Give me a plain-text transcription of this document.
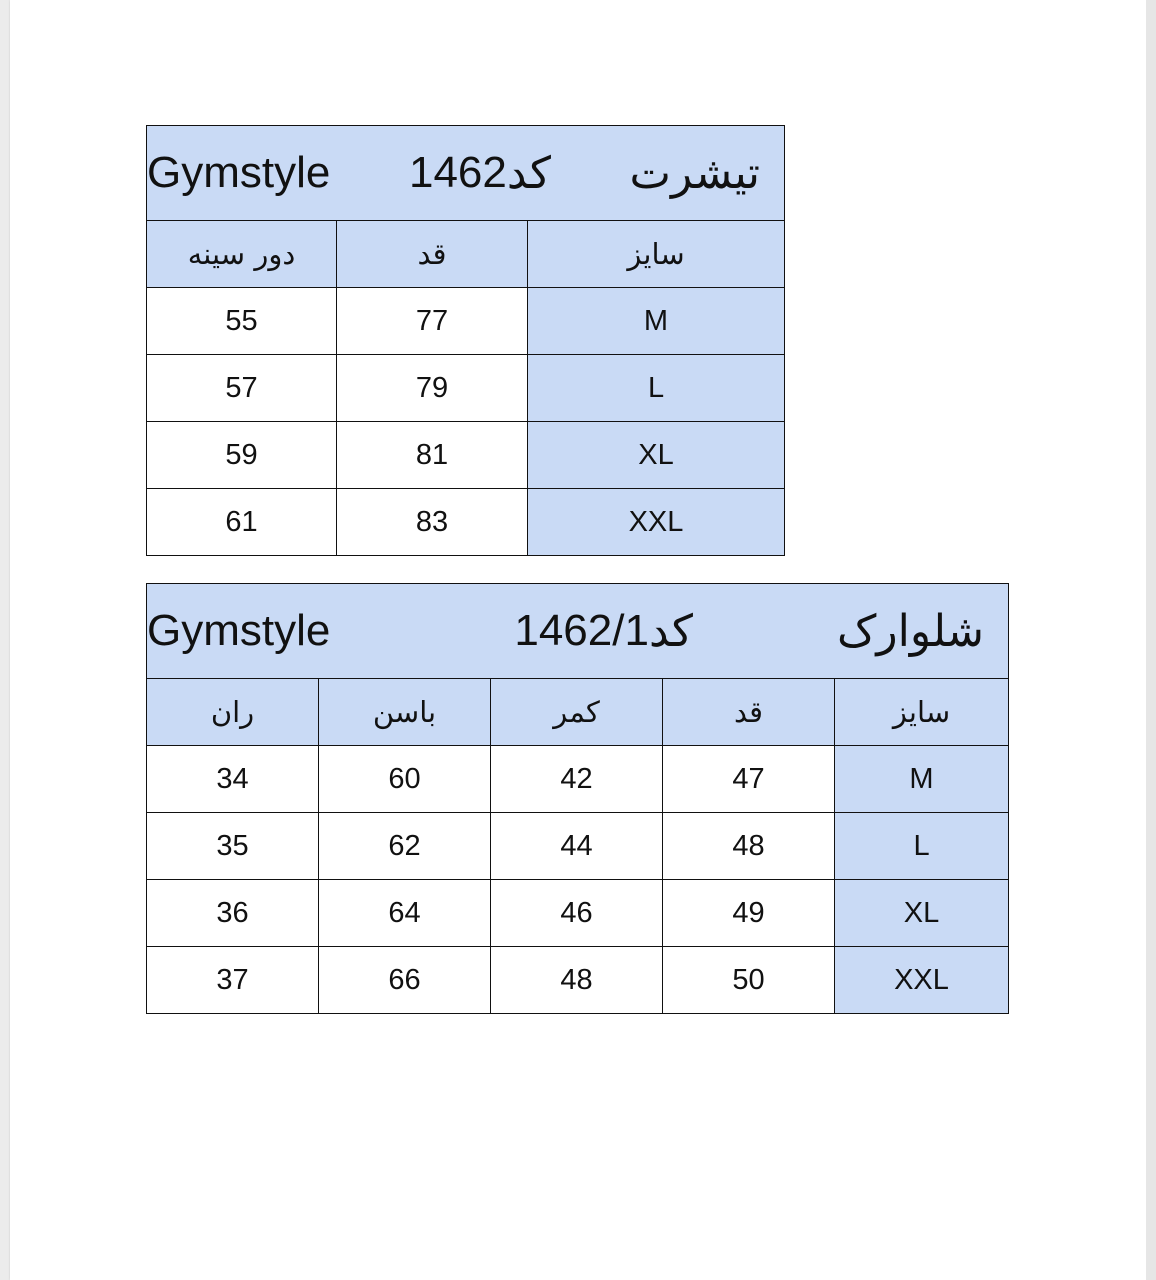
Gymstyle 1462 کد تیشرت		

دور سینه	قد	سایز
55	77	M
57	79	L
59	81	XL
61	83	XXL
Gymstyle 1462/1 کد شلوارک				

ران	باسن	کمر	قد	سایز
34	60	42	47	M
35	62	44	48	L
36	64	46	49	XL
37	66	48	50	XXL
